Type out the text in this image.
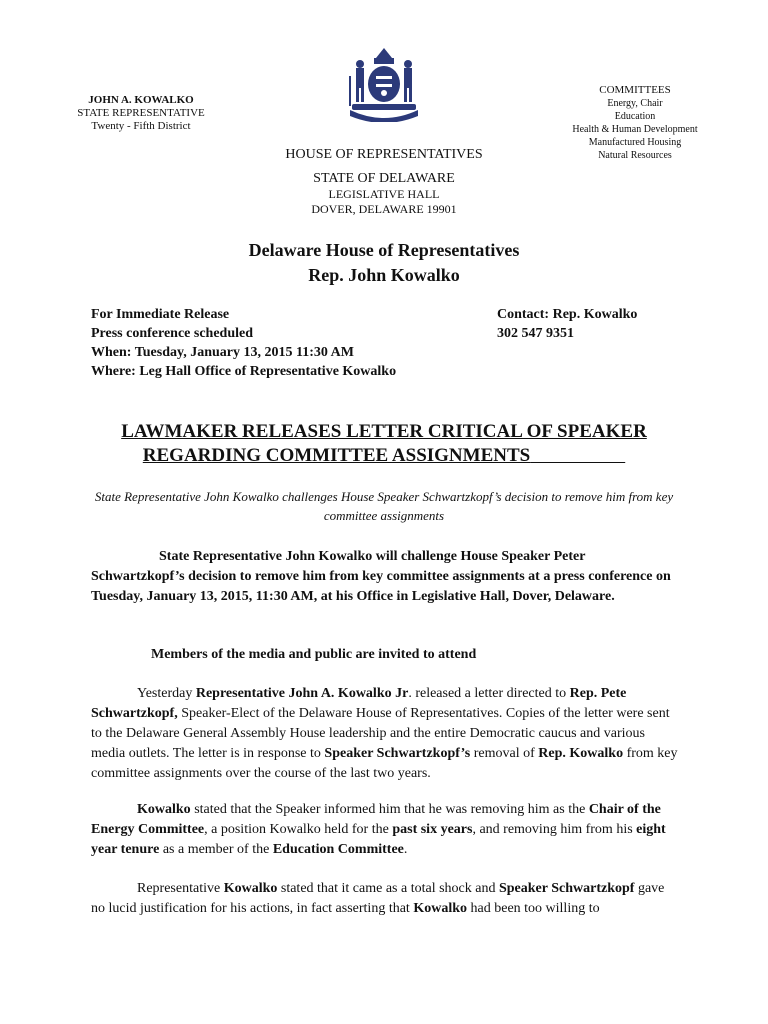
JOHN A. KOWALKO
STATE REPRESENTATIVE
Twenty - Fifth District
COMMITTEES
Energy, Chair
Education
Health & Human Development
Manufactured Housing
Natural Resources
HOUSE OF REPRESENTATIVES
STATE OF DELAWARE
LEGISLATIVE HALL
DOVER, DELAWARE 19901
Delaware House of Representatives
Rep. John Kowalko
For Immediate Release
Press conference scheduled
When: Tuesday, January 13, 2015 11:30 AM
Where: Leg Hall Office of Representative Kowalko
Contact: Rep. Kowalko
302 547 9351
LAWMAKER RELEASES LETTER CRITICAL OF SPEAKER
REGARDING COMMITTEE ASSIGNMENTS
State Representative John Kowalko challenges House Speaker Schwartzkopf’s decision to remove him from key committee assignments
State Representative John Kowalko will challenge House Speaker Peter Schwartzkopf’s decision to remove him from key committee assignments at a press conference on Tuesday, January 13, 2015, 11:30 AM, at his Office in Legislative Hall, Dover, Delaware.
Members of the media and public are invited to attend
Yesterday Representative John A. Kowalko Jr. released a letter directed to Rep. Pete Schwartzkopf, Speaker-Elect of the Delaware House of Representatives. Copies of the letter were sent to the Delaware General Assembly House leadership and the entire Democratic caucus and various media outlets. The letter is in response to Speaker Schwartzkopf’s removal of Rep. Kowalko from key committee assignments over the course of the last two years.
Kowalko stated that the Speaker informed him that he was removing him as the Chair of the Energy Committee, a position Kowalko held for the past six years, and removing him from his eight year tenure as a member of the Education Committee.
Representative Kowalko stated that it came as a total shock and Speaker Schwartzkopf gave no lucid justification for his actions, in fact asserting that Kowalko had been too willing to
